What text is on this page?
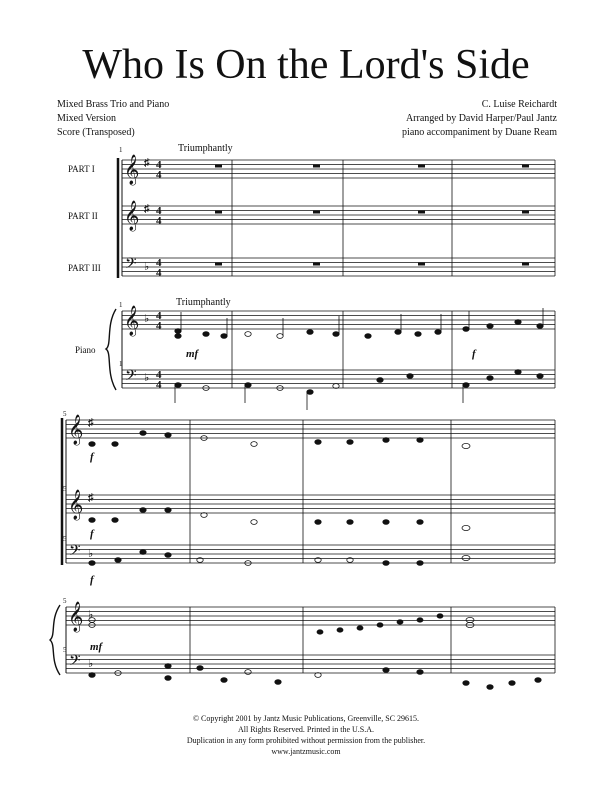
Who Is On the Lord's Side
Mixed Brass Trio and Piano
Mixed Version
Score (Transposed)
C. Luise Reichardt
Arranged by David Harper/Paul Jantz
piano accompaniment by Duane Ream
𝄞
𝄞
𝄢
𝄞
𝄢
𝄞
𝄞
𝄢
𝄞
𝄢
♯
♯
♭
♭
♭
♯
♯
♭
♭
♭
4
4
4
4
4
4
4
4
4
4
1
1
1
5
5
5
5
5
Triumphantly
Triumphantly
PART I
PART II
PART III
Piano	mf	f
f
f
f
mf
© Copyright 2001 by Jantz Music Publications, Greenville, SC 29615.
All Rights Reserved. Printed in the U.S.A.
Duplication in any form prohibited without permission from the publisher.
www.jantzmusic.com
